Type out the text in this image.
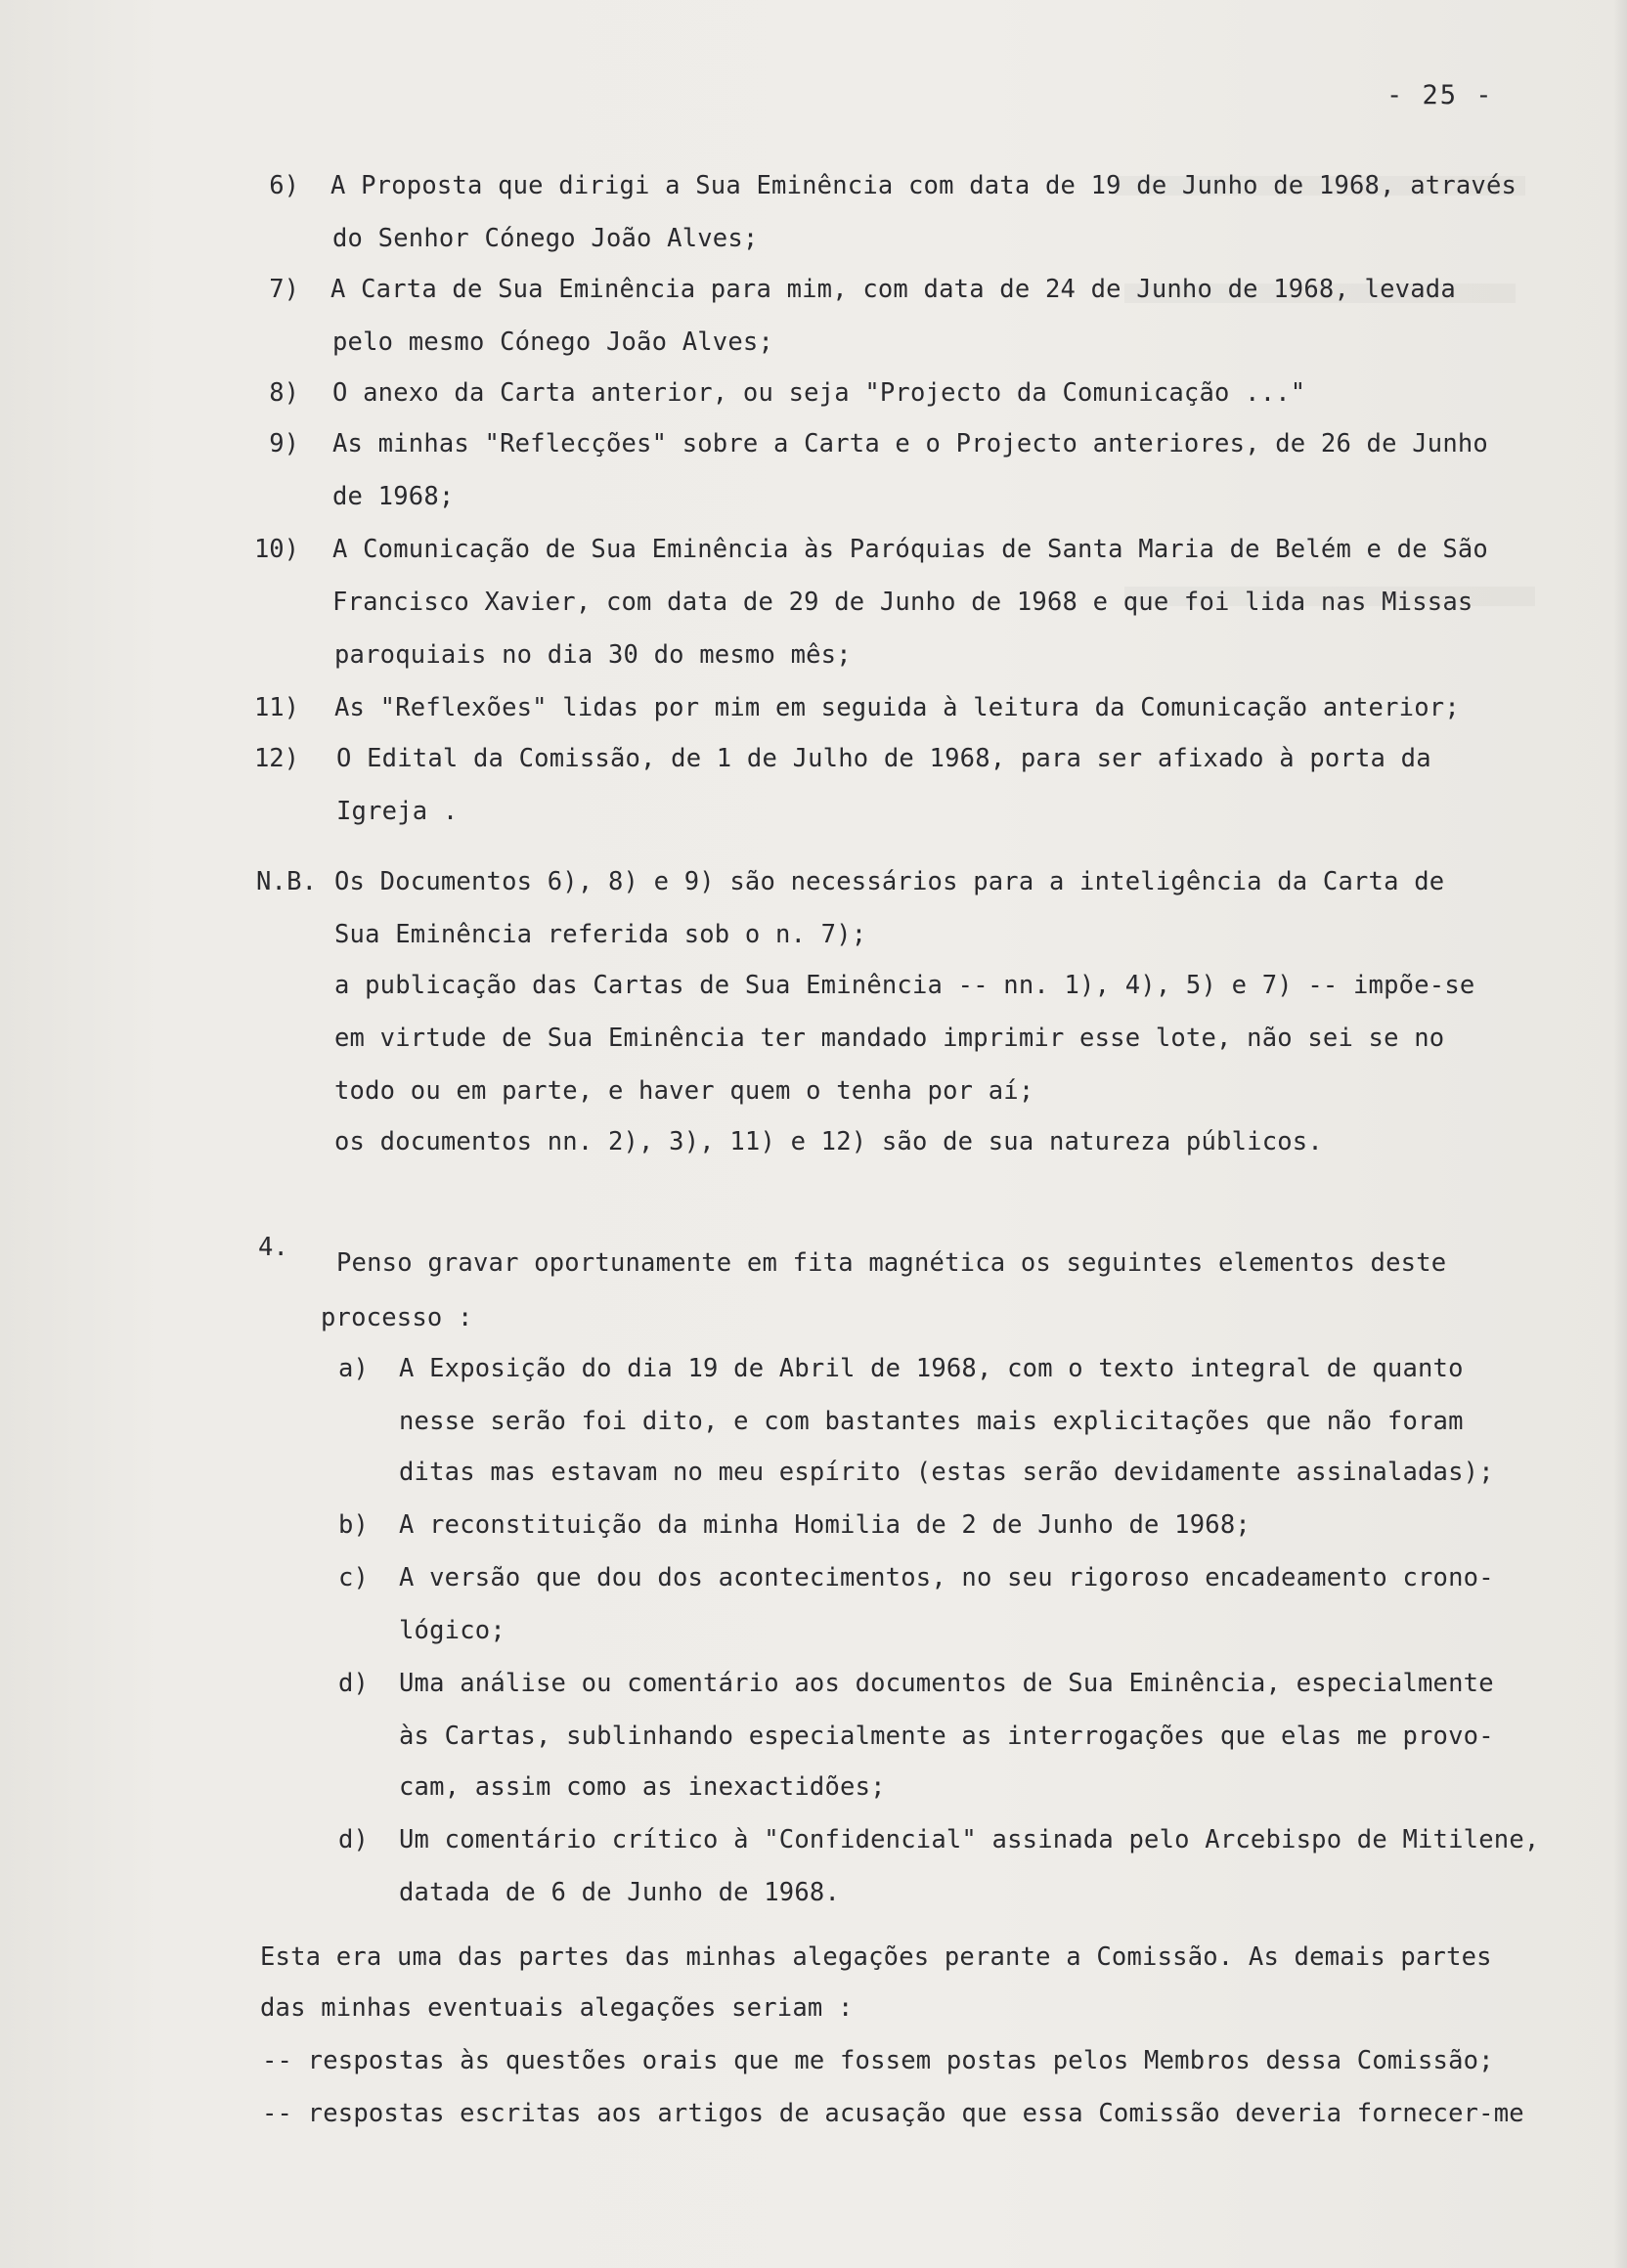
- 25 -
6) A Proposta que dirigi a Sua Eminência com data de 19 de Junho de 1968, através
do Senhor Cónego João Alves;
7) A Carta de Sua Eminência para mim, com data de 24 de Junho de 1968, levada
pelo mesmo Cónego João Alves;
8) O anexo da Carta anterior, ou seja "Projecto da Comunicação ..."
9) As minhas "Reflecções" sobre a Carta e o Projecto anteriores, de 26 de Junho
de 1968;
10) A Comunicação de Sua Eminência às Paróquias de Santa Maria de Belém e de São
Francisco Xavier, com data de 29 de Junho de 1968 e que foi lida nas Missas
paroquiais no dia 30 do mesmo mês;
11) As "Reflexões" lidas por mim em seguida à leitura da Comunicação anterior;
12) O Edital da Comissão, de 1 de Julho de 1968, para ser afixado à porta da
Igreja .
N.B. Os Documentos 6), 8) e 9) são necessários para a inteligência da Carta de
Sua Eminência referida sob o n. 7);
a publicação das Cartas de Sua Eminência -- nn. 1), 4), 5) e 7) -- impõe-se
em virtude de Sua Eminência ter mandado imprimir esse lote, não sei se no
todo ou em parte, e haver quem o tenha por aí;
os documentos nn. 2), 3), 11) e 12) são de sua natureza públicos.
4.
Penso gravar oportunamente em fita magnética os seguintes elementos deste
processo :
a) A Exposição do dia 19 de Abril de 1968, com o texto integral de quanto
nesse serão foi dito, e com bastantes mais explicitações que não foram
ditas mas estavam no meu espírito (estas serão devidamente assinaladas);
b) A reconstituição da minha Homilia de 2 de Junho de 1968;
c) A versão que dou dos acontecimentos, no seu rigoroso encadeamento crono-
lógico;
d) Uma análise ou comentário aos documentos de Sua Eminência, especialmente
às Cartas, sublinhando especialmente as interrogações que elas me provo-
cam, assim como as inexactidões;
d) Um comentário crítico à "Confidencial" assinada pelo Arcebispo de Mitilene,
datada de 6 de Junho de 1968.
Esta era uma das partes das minhas alegações perante a Comissão. As demais partes
das minhas eventuais alegações seriam :
-- respostas às questões orais que me fossem postas pelos Membros dessa Comissão;
-- respostas escritas aos artigos de acusação que essa Comissão deveria fornecer-me
